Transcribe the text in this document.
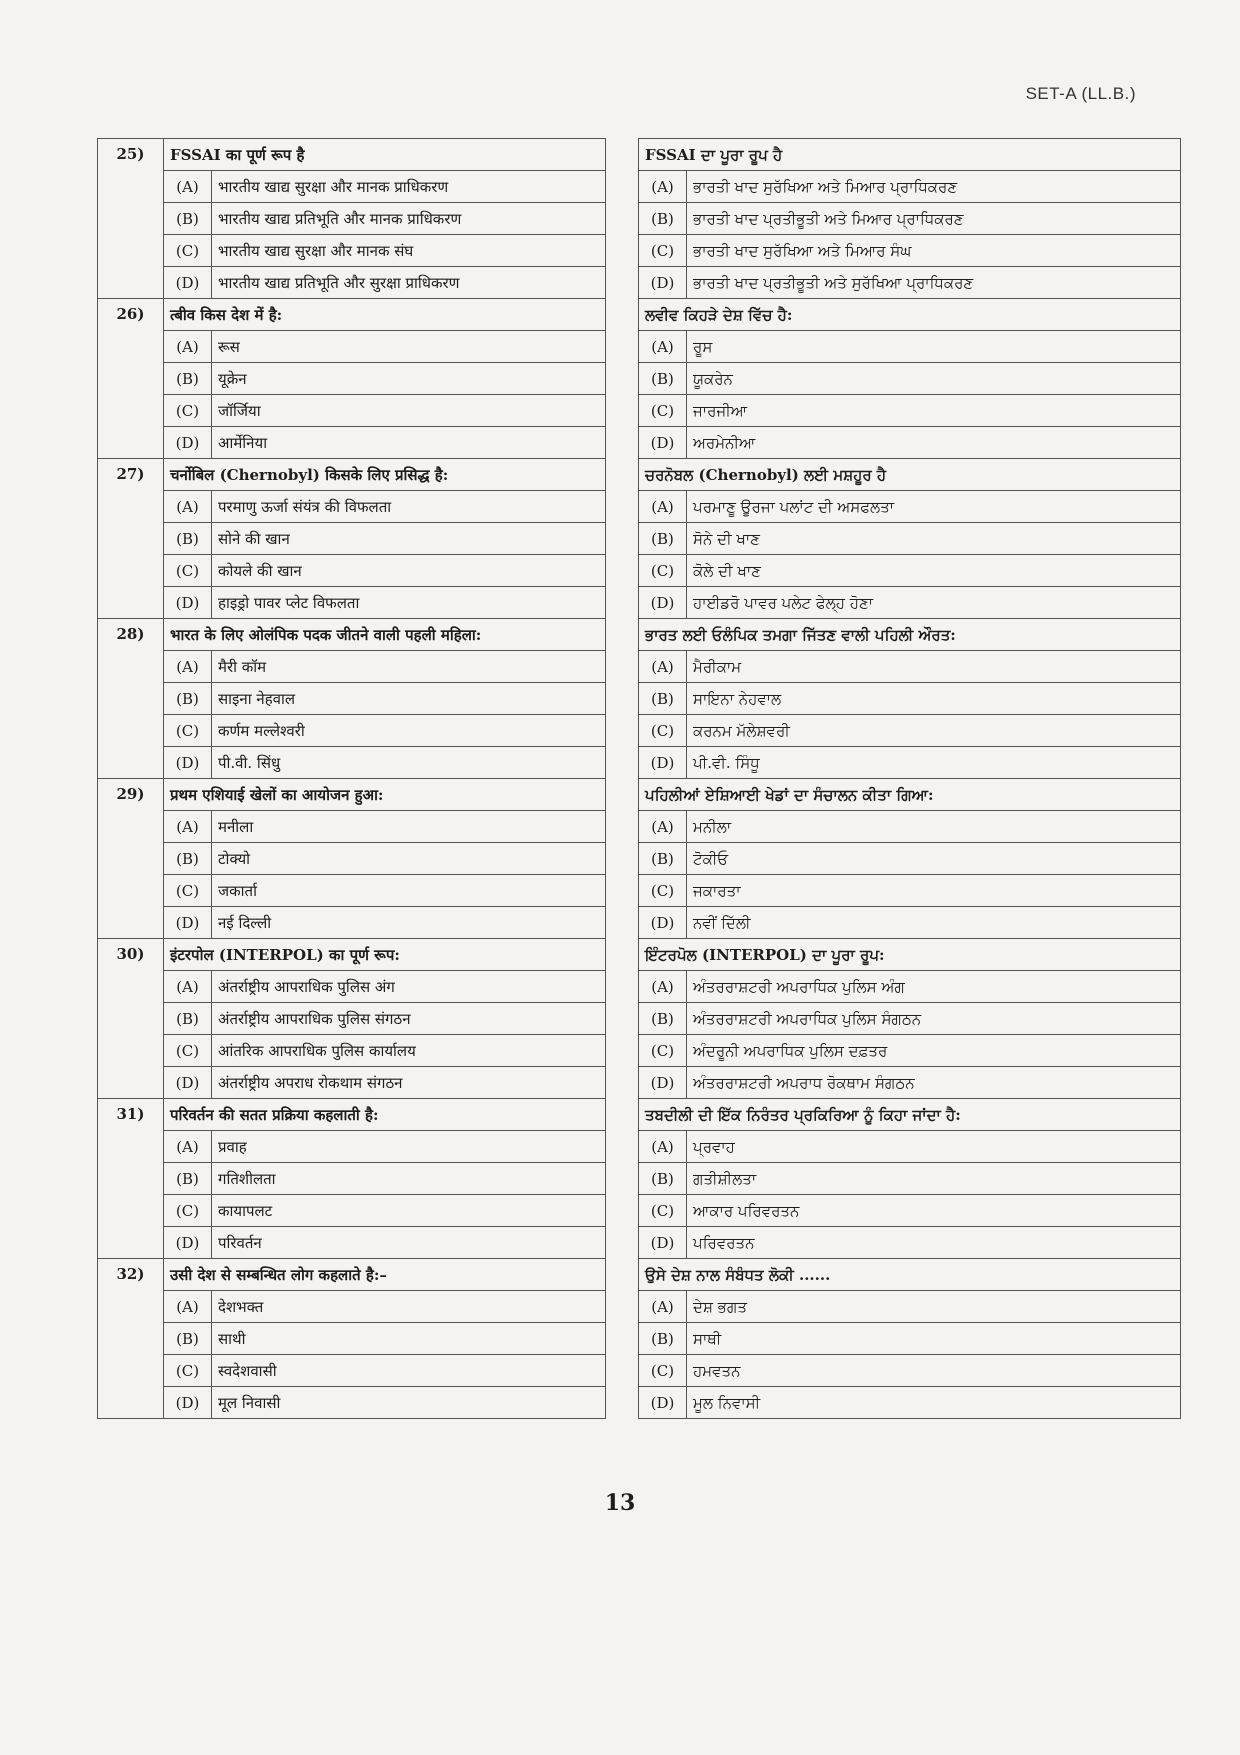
SET-A (LL.B.)
25)	FSSAI का पूर्ण रूप है			FSSAI ਦਾ ਪੂਰਾ ਰੂਪ ਹੈ	
	(A)	भारतीय खाद्य सुरक्षा और मानक प्राधिकरण		(A)	ਭਾਰਤੀ ਖਾਦ ਸੁਰੱਖਿਆ ਅਤੇ ਮਿਆਰ ਪ੍ਰਾਧਿਕਰਣ
	(B)	भारतीय खाद्य प्रतिभूति और मानक प्राधिकरण		(B)	ਭਾਰਤੀ ਖਾਦ ਪ੍ਰਤੀਭੂਤੀ ਅਤੇ ਮਿਆਰ ਪ੍ਰਾਧਿਕਰਣ
	(C)	भारतीय खाद्य सुरक्षा और मानक संघ		(C)	ਭਾਰਤੀ ਖਾਦ ਸੁਰੱਖਿਆ ਅਤੇ ਮਿਆਰ ਸੰਘ
	(D)	भारतीय खाद्य प्रतिभूति और सुरक्षा प्राधिकरण		(D)	ਭਾਰਤੀ ਖਾਦ ਪ੍ਰਤੀਭੂਤੀ ਅਤੇ ਸੁਰੱਖਿਆ ਪ੍ਰਾਧਿਕਰਣ
26)	त्बीव किस देश में है:			ਲਵੀਵ ਕਿਹੜੇ ਦੇਸ਼ ਵਿੱਚ ਹੈ:	
	(A)	रूस		(A)	ਰੂਸ
	(B)	यूक्रेन		(B)	ਯੂਕਰੇਨ
	(C)	जॉर्जिया		(C)	ਜਾਰਜੀਆ
	(D)	आर्मेनिया		(D)	ਅਰਮੇਨੀਆ
27)	चर्नोबिल (Chernobyl) किसके लिए प्रसिद्ध है:			ਚਰਨੋਬਲ (Chernobyl) ਲਈ ਮਸ਼ਹੂਰ ਹੈ	
	(A)	परमाणु ऊर्जा संयंत्र की विफलता		(A)	ਪਰਮਾਣੂ ਊਰਜਾ ਪਲਾਂਟ ਦੀ ਅਸਫਲਤਾ
	(B)	सोने की खान		(B)	ਸੋਨੇ ਦੀ ਖਾਣ
	(C)	कोयले की खान		(C)	ਕੋਲੇ ਦੀ ਖਾਣ
	(D)	हाइड्रो पावर प्लेट विफलता		(D)	ਹਾਈਡਰੋ ਪਾਵਰ ਪਲੇਟ ਫੇਲ੍ਹ ਹੋਣਾ
28)	भारत के लिए ओलंपिक पदक जीतने वाली पहली महिला:			ਭਾਰਤ ਲਈ ਓਲੰਪਿਕ ਤਮਗਾ ਜਿੱਤਣ ਵਾਲੀ ਪਹਿਲੀ ਔਰਤ:	
	(A)	मैरी कॉम		(A)	ਮੈਰੀਕਾਮ
	(B)	साइना नेहवाल		(B)	ਸਾਇਨਾ ਨੇਹਵਾਲ
	(C)	कर्णम मल्लेश्वरी		(C)	ਕਰਨਮ ਮੱਲੇਸ਼ਵਰੀ
	(D)	पी.वी. सिंधु		(D)	ਪੀ.ਵੀ. ਸਿੰਧੂ
29)	प्रथम एशियाई खेलों का आयोजन हुआ:			ਪਹਿਲੀਆਂ ਏਸ਼ਿਆਈ ਖੇਡਾਂ ਦਾ ਸੰਚਾਲਨ ਕੀਤਾ ਗਿਆ:	
	(A)	मनीला		(A)	ਮਨੀਲਾ
	(B)	टोक्यो		(B)	ਟੋਕੀਓ
	(C)	जकार्ता		(C)	ਜਕਾਰਤਾ
	(D)	नई दिल्ली		(D)	ਨਵੀਂ ਦਿੱਲੀ
30)	इंटरपोल (INTERPOL) का पूर्ण रूप:			ਇੰਟਰਪੋਲ (INTERPOL) ਦਾ ਪੂਰਾ ਰੂਪ:	
	(A)	अंतर्राष्ट्रीय आपराधिक पुलिस अंग		(A)	ਅੰਤਰਰਾਸ਼ਟਰੀ ਅਪਰਾਧਿਕ ਪੁਲਿਸ ਅੰਗ
	(B)	अंतर्राष्ट्रीय आपराधिक पुलिस संगठन		(B)	ਅੰਤਰਰਾਸ਼ਟਰੀ ਅਪਰਾਧਿਕ ਪੁਲਿਸ ਸੰਗਠਨ
	(C)	आंतरिक आपराधिक पुलिस कार्यालय		(C)	ਅੰਦਰੂਨੀ ਅਪਰਾਧਿਕ ਪੁਲਿਸ ਦਫ਼ਤਰ
	(D)	अंतर्राष्ट्रीय अपराध रोकथाम संगठन		(D)	ਅੰਤਰਰਾਸ਼ਟਰੀ ਅਪਰਾਧ ਰੋਕਥਾਮ ਸੰਗਠਨ
31)	परिवर्तन की सतत प्रक्रिया कहलाती है:			ਤਬਦੀਲੀ ਦੀ ਇੱਕ ਨਿਰੰਤਰ ਪ੍ਰਕਿਰਿਆ ਨੂੰ ਕਿਹਾ ਜਾਂਦਾ ਹੈ:	
	(A)	प्रवाह		(A)	ਪ੍ਰਵਾਹ
	(B)	गतिशीलता		(B)	ਗਤੀਸ਼ੀਲਤਾ
	(C)	कायापलट		(C)	ਆਕਾਰ ਪਰਿਵਰਤਨ
	(D)	परिवर्तन		(D)	ਪਰਿਵਰਤਨ
32)	उसी देश से सम्बन्धित लोग कहलाते है:–			ਉਸੇ ਦੇਸ਼ ਨਾਲ ਸੰਬੰਧਤ ਲੋਕੀ ......	
	(A)	देशभक्त		(A)	ਦੇਸ਼ ਭਗਤ
	(B)	साथी		(B)	ਸਾਥੀ
	(C)	स्वदेशवासी		(C)	ਹਮਵਤਨ
	(D)	मूल निवासी		(D)	ਮੂਲ ਨਿਵਾਸੀ
13
